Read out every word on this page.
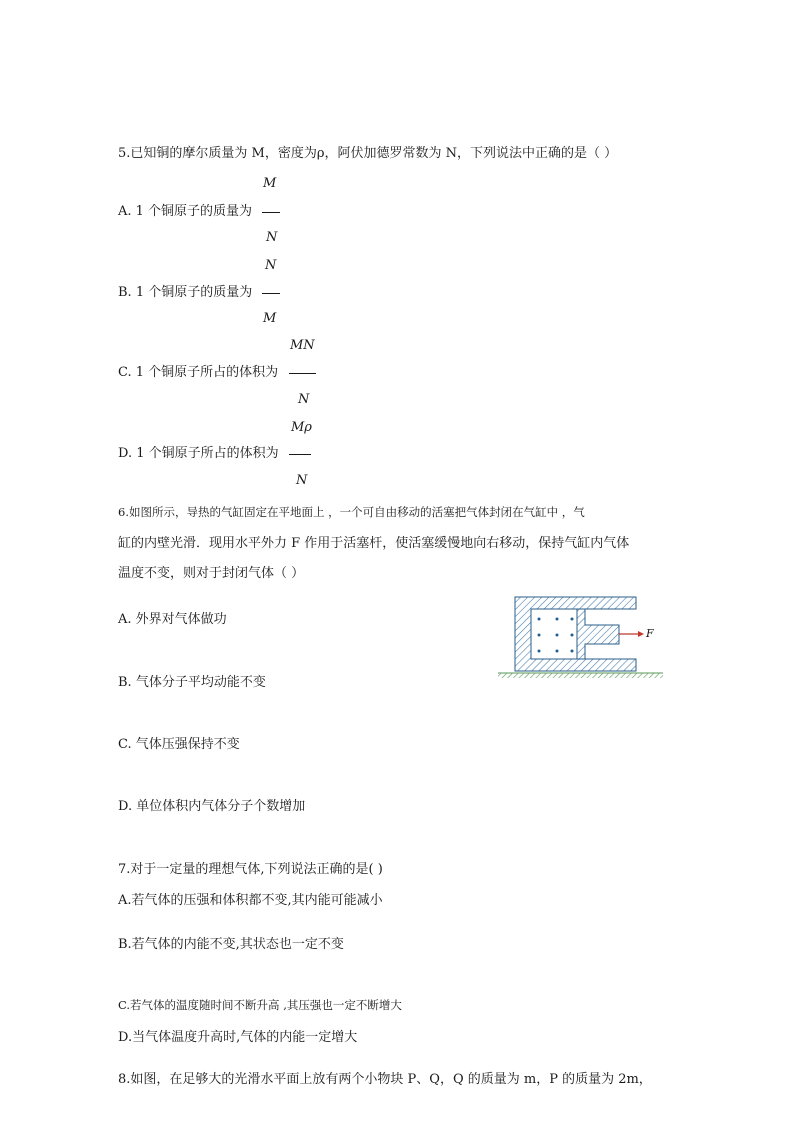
5.已知铜的摩尔质量为 M，密度为ρ，阿伏加德罗常数为 N，下列说法中正确的是（ ）
M
A. 1 个铜原子的质量为
N
N
B. 1 个铜原子的质量为
M
MN
C. 1 个铜原子所占的体积为
N
Mρ
D. 1 个铜原子所占的体积为
N
6.如图所示，导热的气缸固定在平地面上 ，一个可自由移动的活塞把气体封闭在气缸中 ，气
缸的内壁光滑．现用水平外力 F 作用于活塞杆，使活塞缓慢地向右移动，保持气缸内气体
温度不变，则对于封闭气体（ ）
A. 外界对气体做功
B. 气体分子平均动能不变
C. 气体压强保持不变
D. 单位体积内气体分子个数增加
F
7.对于一定量的理想气体,下列说法正确的是( )
A.若气体的压强和体积都不变,其内能可能减小
B.若气体的内能不变,其状态也一定不变
C.若气体的温度随时间不断升高 ,其压强也一定不断增大
D.当气体温度升高时,气体的内能一定增大
8.如图，在足够大的光滑水平面上放有两个小物块 P、Q，Q 的质量为 m，P 的质量为 2m，
